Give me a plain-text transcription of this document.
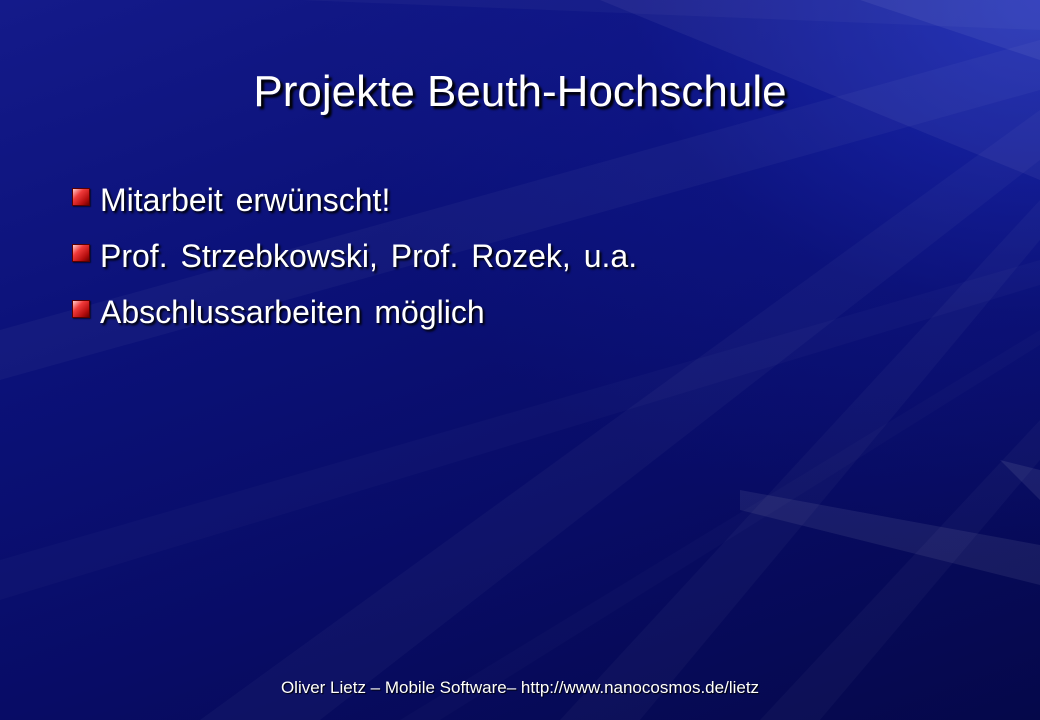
Projekte Beuth-Hochschule
Mitarbeit erwünscht!
Prof. Strzebkowski, Prof. Rozek, u.a.
Abschlussarbeiten möglich
Oliver Lietz – Mobile Software– http://www.nanocosmos.de/lietz
